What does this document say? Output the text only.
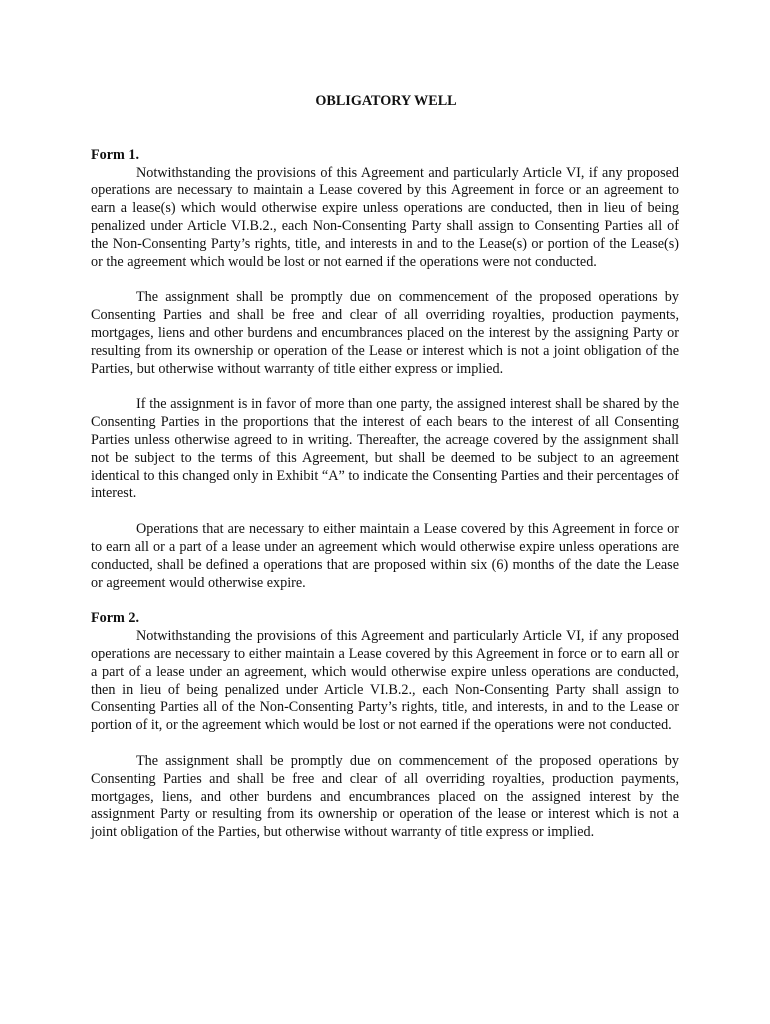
OBLIGATORY WELL
Form 1.

Notwithstanding the provisions of this Agreement and particularly Article VI, if any proposed operations are necessary to maintain a Lease covered by this Agreement in force or an agreement to earn a lease(s) which would otherwise expire unless operations are conducted, then in lieu of being penalized under Article VI.B.2., each Non-Consenting Party shall assign to Consenting Parties all of the Non-Consenting Party’s rights, title, and interests in and to the Lease(s) or portion of the Lease(s) or the agreement which would be lost or not earned if the operations were not conducted.

The assignment shall be promptly due on commencement of the proposed operations by Consenting Parties and shall be free and clear of all overriding royalties, production payments, mortgages, liens and other burdens and encumbrances placed on the interest by the assigning Party or resulting from its ownership or operation of the Lease or interest which is not a joint obligation of the Parties, but otherwise without warranty of title either express or implied.

If the assignment is in favor of more than one party, the assigned interest shall be shared by the Consenting Parties in the proportions that the interest of each bears to the interest of all Consenting Parties unless otherwise agreed to in writing. Thereafter, the acreage covered by the assignment shall not be subject to the terms of this Agreement, but shall be deemed to be subject to an agreement identical to this changed only in Exhibit “A” to indicate the Consenting Parties and their percentages of interest.

Operations that are necessary to either maintain a Lease covered by this Agreement in force or to earn all or a part of a lease under an agreement which would otherwise expire unless operations are conducted, shall be defined a operations that are proposed within six (6) months of the date the Lease or agreement would otherwise expire.

Form 2.

Notwithstanding the provisions of this Agreement and particularly Article VI, if any proposed operations are necessary to either maintain a Lease covered by this Agreement in force or to earn all or a part of a lease under an agreement, which would otherwise expire unless operations are conducted, then in lieu of being penalized under Article VI.B.2., each Non-Consenting Party shall assign to Consenting Parties all of the Non-Consenting Party’s rights, title, and interests, in and to the Lease or portion of it, or the agreement which would be lost or not earned if the operations were not conducted.

The assignment shall be promptly due on commencement of the proposed operations by Consenting Parties and shall be free and clear of all overriding royalties, production payments, mortgages, liens, and other burdens and encumbrances placed on the assigned interest by the assignment Party or resulting from its ownership or operation of the lease or interest which is not a joint obligation of the Parties, but otherwise without warranty of title express or implied.
